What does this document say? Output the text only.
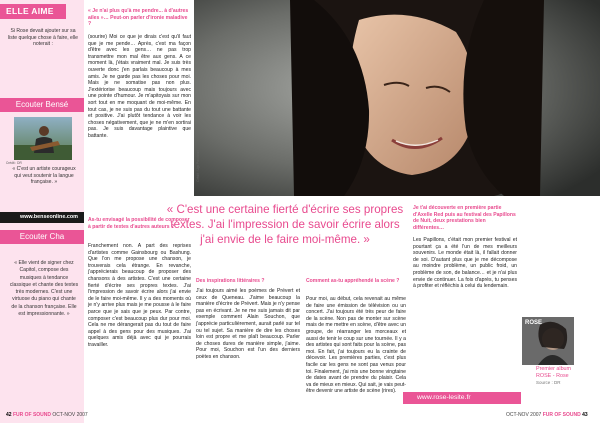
ELLE AIME
Si Rose devait ajouter sur sa liste quelque chose à faire, elle noterait :
Ecouter Bensé
Crédit : DR
« C'est un artiste courageux qui veut soutenir la langue française. »
www.benseonline.com
Ecouter Cha
« Elle vient de signer chez Capitol, compose des musiques à tendance classique et chante des textes très modernes. C'est une virtuose du piano qui chante de la chanson française. Elle est impressionnante. »
« Je n'ai plus qu'à me pendre... à d'autres ailes »… Peut-on parler d'ironie maladive ?
(sourire) Moi ce que je dirais c'est qu'il faut que je me pende… Après, c'est ma façon d'être avec les gens… ne pas trop transmettre mon mal être aux gens. A ce moment là, j'étais vraiment mal. Je suis très ouverte donc j'en parlais beaucoup à mes amis. Je ne garde pas les choses pour moi. Mais je ne somatise pas non plus. J'extériorise beaucoup mais toujours avec une pointe d'humour. Je m'apitoyais sur mon sort tout en me moquant de moi-même. En tout cas, je ne suis pas du tout une battante et positive. J'ai plutôt tendance à voir les choses négativement, que je ne m'en sortirai pas. Je suis davantage plaintive que battante.
As-tu envisagé la possibilité de composer à partir de textes d'autres auteurs ?
Franchement non. A part des reprises d'artistes comme Gainsbourg ou Bashung. Que l'on me propose une chanson, je trouverais cela étrange. En revanche, j'apprécierais beaucoup de proposer des chansons à des artistes. C'est une certaine fierté d'écrire ses propres textes. J'ai l'impression de savoir écrire alors j'ai envie de le faire moi-même. Il y a des moments où je n'y arrive plus mais je me pousse à le faire parce que je sais que je peux. Par contre, composer c'est beaucoup plus dur pour moi. Cela ne me dérangerait pas du tout de faire appel à des gens pour des musiques. J'ai quelques amis déjà avec qui je pourrais travailler.
Crédit : Ugo Pacchioni
« C'est une certaine fierté d'écrire ses propres textes. J'ai l'impression de savoir écrire alors j'ai envie de le faire moi-même. »
Des inspirations littéraires ?
J'ai toujours aimé les poèmes de Prévert et ceux de Queneau. J'aime beaucoup la manière d'écrire de Prévert. Mais je n'y pense pas en écrivant. Je ne me suis jamais dit par exemple comment Alain Souchon, que j'apprécie particulièrement, aurait parlé sur tel ou tel sujet. Sa manière de dire les choses loin est propre et me plaît beaucoup. Parler de choses dures de manière simple, j'aime. Pour moi, Souchon est l'un des derniers poètes en chanson.
Comment as-tu appréhendé la scène ?
Pour moi, au début, cela revenait au même de faire une émission de télévision ou un concert. J'ai toujours été très peur de faire de la scène. Non pas de monter sur scène mais de me mettre en scène, d'être avec un groupe, de réarranger les morceaux et aussi de tenir le coup sur une tournée. Il y a des artistes qui sont faits pour la scène, pas moi. En fait, j'ai toujours eu la crainte de décevoir. Les premières parties, c'est plus facile car les gens ne sont pas venus pour toi. Finalement, j'ai mis une bonne vingtaine de dates avant de prendre du plaisir. Cela va de mieux en mieux. Qui sait, je vais peut-être devenir une artiste de scène (rires).
Je t'ai découverte en première partie d'Axelle Red puis au festival des Papillons de Nuit, deux prestations bien différentes…
Les Papillons, c'était mon premier festival et pourtant ça a été l'un de mes meilleurs souvenirs. Le monde était là, il fallait donner de soi. D'autant plus que je me décompose au moindre problème, un public froid, un problème de son, de balance… et je n'ai plus envie de continuer. La fois d'après, tu penses à profiter et réfléchis à celui du lendemain.
ROSE
Premier album
ROSE - Rose
Source : DR
www.rose-lesite.fr
42 FUR OF SOUND OCT-NOV 2007	OCT-NOV 2007 FUR OF SOUND 43
